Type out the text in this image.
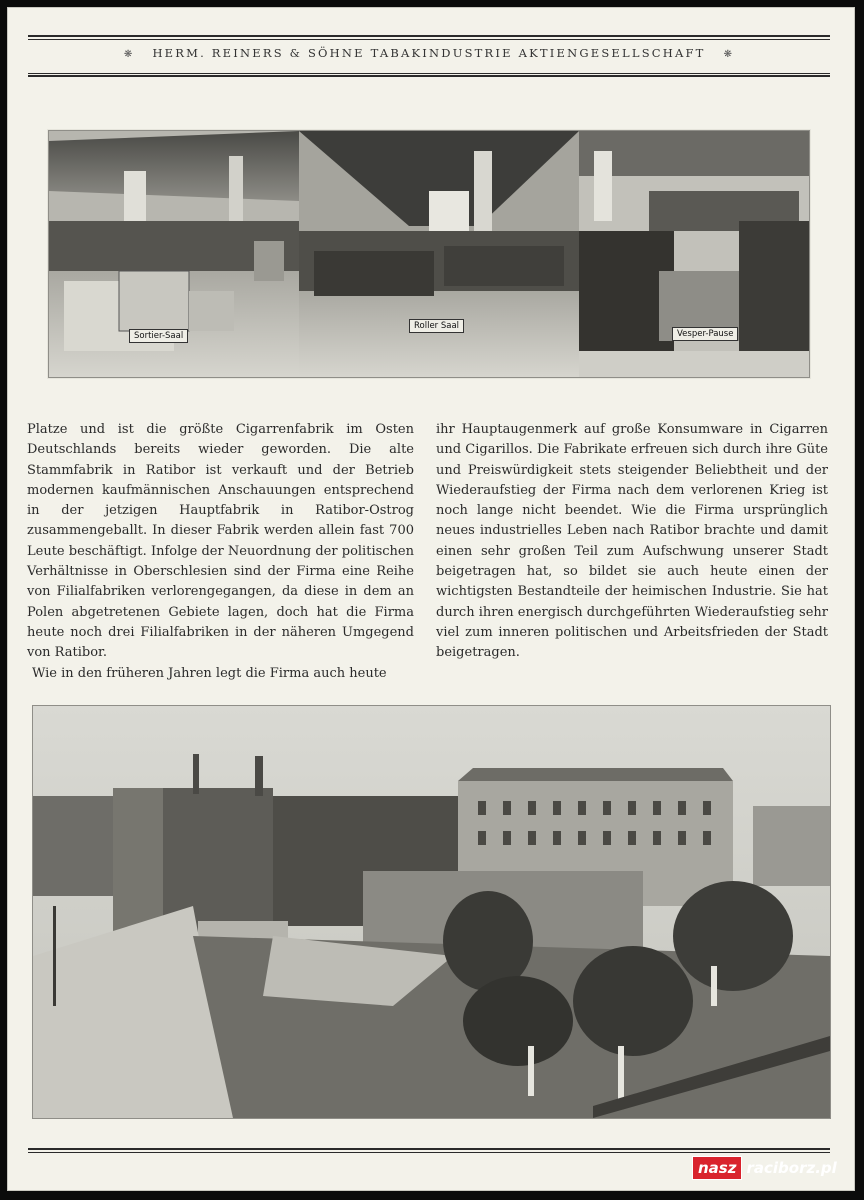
❋ HERM. REINERS & SÖHNE TABAKINDUSTRIE AKTIENGESELLSCHAFT ❋
Sortier-Saal
Roller Saal
Vesper-Pause

Platze und ist die größte Cigarrenfabrik im Osten Deutschlands bereits wieder geworden. Die alte Stammfabrik in Ratibor ist verkauft und der Betrieb modernen kaufmännischen Anschauungen entsprechend in der jetzigen Hauptfabrik in Ratibor-Ostrog zusammengeballt. In dieser Fabrik werden allein fast 700 Leute beschäftigt. Infolge der Neuordnung der politischen Verhältnisse in Oberschlesien sind der Firma eine Reihe von Filialfabriken verlorengegangen, da diese in dem an Polen abgetretenen Gebiete lagen, doch hat die Firma heute noch drei Filialfabriken in der näheren Umgegend von Ratibor.

Wie in den früheren Jahren legt die Firma auch heute

ihr Hauptaugenmerk auf große Konsumware in Cigarren und Cigarillos. Die Fabrikate erfreuen sich durch ihre Güte und Preiswürdigkeit stets steigender Beliebtheit und der Wiederaufstieg der Firma nach dem verlorenen Krieg ist noch lange nicht beendet. Wie die Firma ursprünglich neues industrielles Leben nach Ratibor brachte und damit einen sehr großen Teil zum Aufschwung unserer Stadt beigetragen hat, so bildet sie auch heute einen der wichtigsten Bestandteile der heimischen Industrie. Sie hat durch ihren energisch durchgeführten Wiederaufstieg sehr viel zum inneren politischen und Arbeitsfrieden der Stadt beigetragen.

nasz raciborz.pl
